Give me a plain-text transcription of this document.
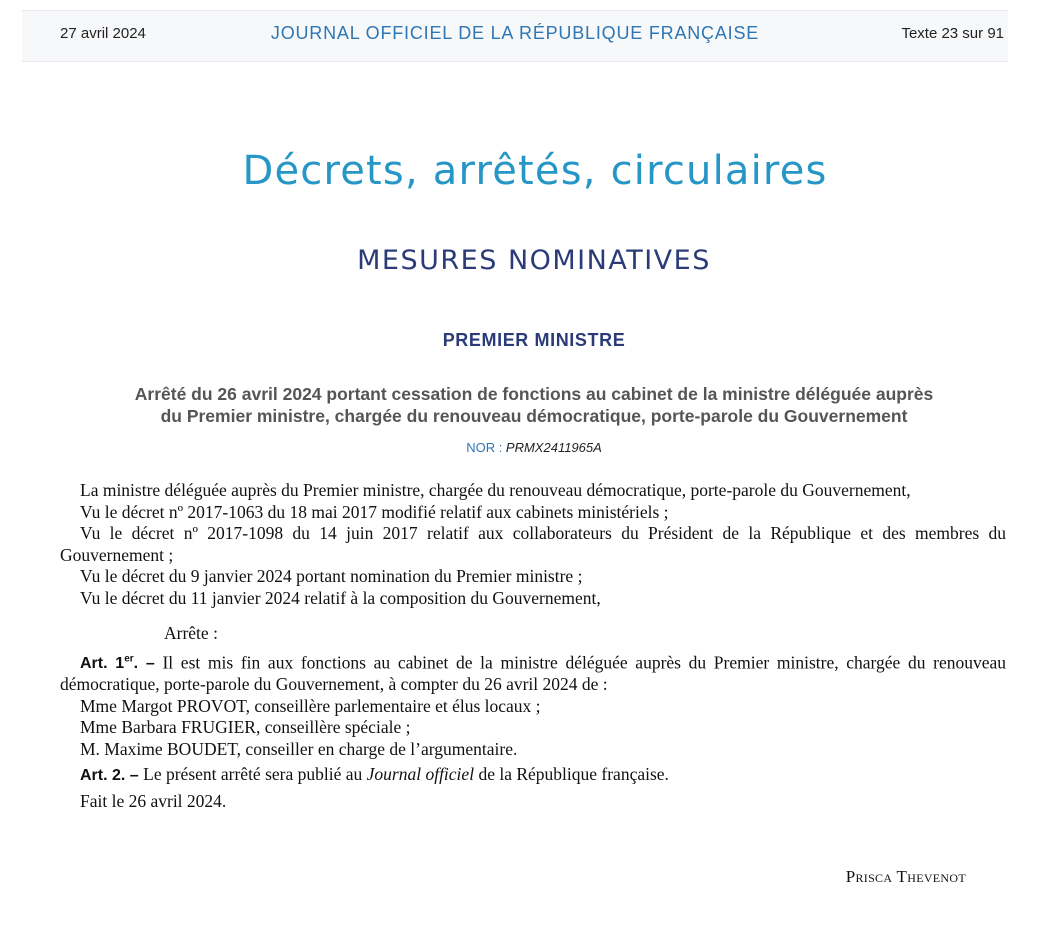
27 avril 2024	JOURNAL OFFICIEL DE LA RÉPUBLIQUE FRANÇAISE	Texte 23 sur 91
Décrets, arrêtés, circulaires
MESURES NOMINATIVES
PREMIER MINISTRE
Arrêté du 26 avril 2024 portant cessation de fonctions au cabinet de la ministre déléguée auprès
du Premier ministre, chargée du renouveau démocratique, porte-parole du Gouvernement
NOR : PRMX2411965A

La ministre déléguée auprès du Premier ministre, chargée du renouveau démocratique, porte-parole du Gouvernement,

Vu le décret nº 2017-1063 du 18 mai 2017 modifié relatif aux cabinets ministériels ;

Vu le décret nº 2017-1098 du 14 juin 2017 relatif aux collaborateurs du Président de la République et des membres du Gouvernement ;

Vu le décret du 9 janvier 2024 portant nomination du Premier ministre ;

Vu le décret du 11 janvier 2024 relatif à la composition du Gouvernement,

Arrête :

Art. 1er. – Il est mis fin aux fonctions au cabinet de la ministre déléguée auprès du Premier ministre, chargée du renouveau démocratique, porte-parole du Gouvernement, à compter du 26 avril 2024 de :

Mme Margot PROVOT, conseillère parlementaire et élus locaux ;

Mme Barbara FRUGIER, conseillère spéciale ;

M. Maxime BOUDET, conseiller en charge de l’argumentaire.

Art. 2. – Le présent arrêté sera publié au Journal officiel de la République française.

Fait le 26 avril 2024.

Prisca Thevenot
